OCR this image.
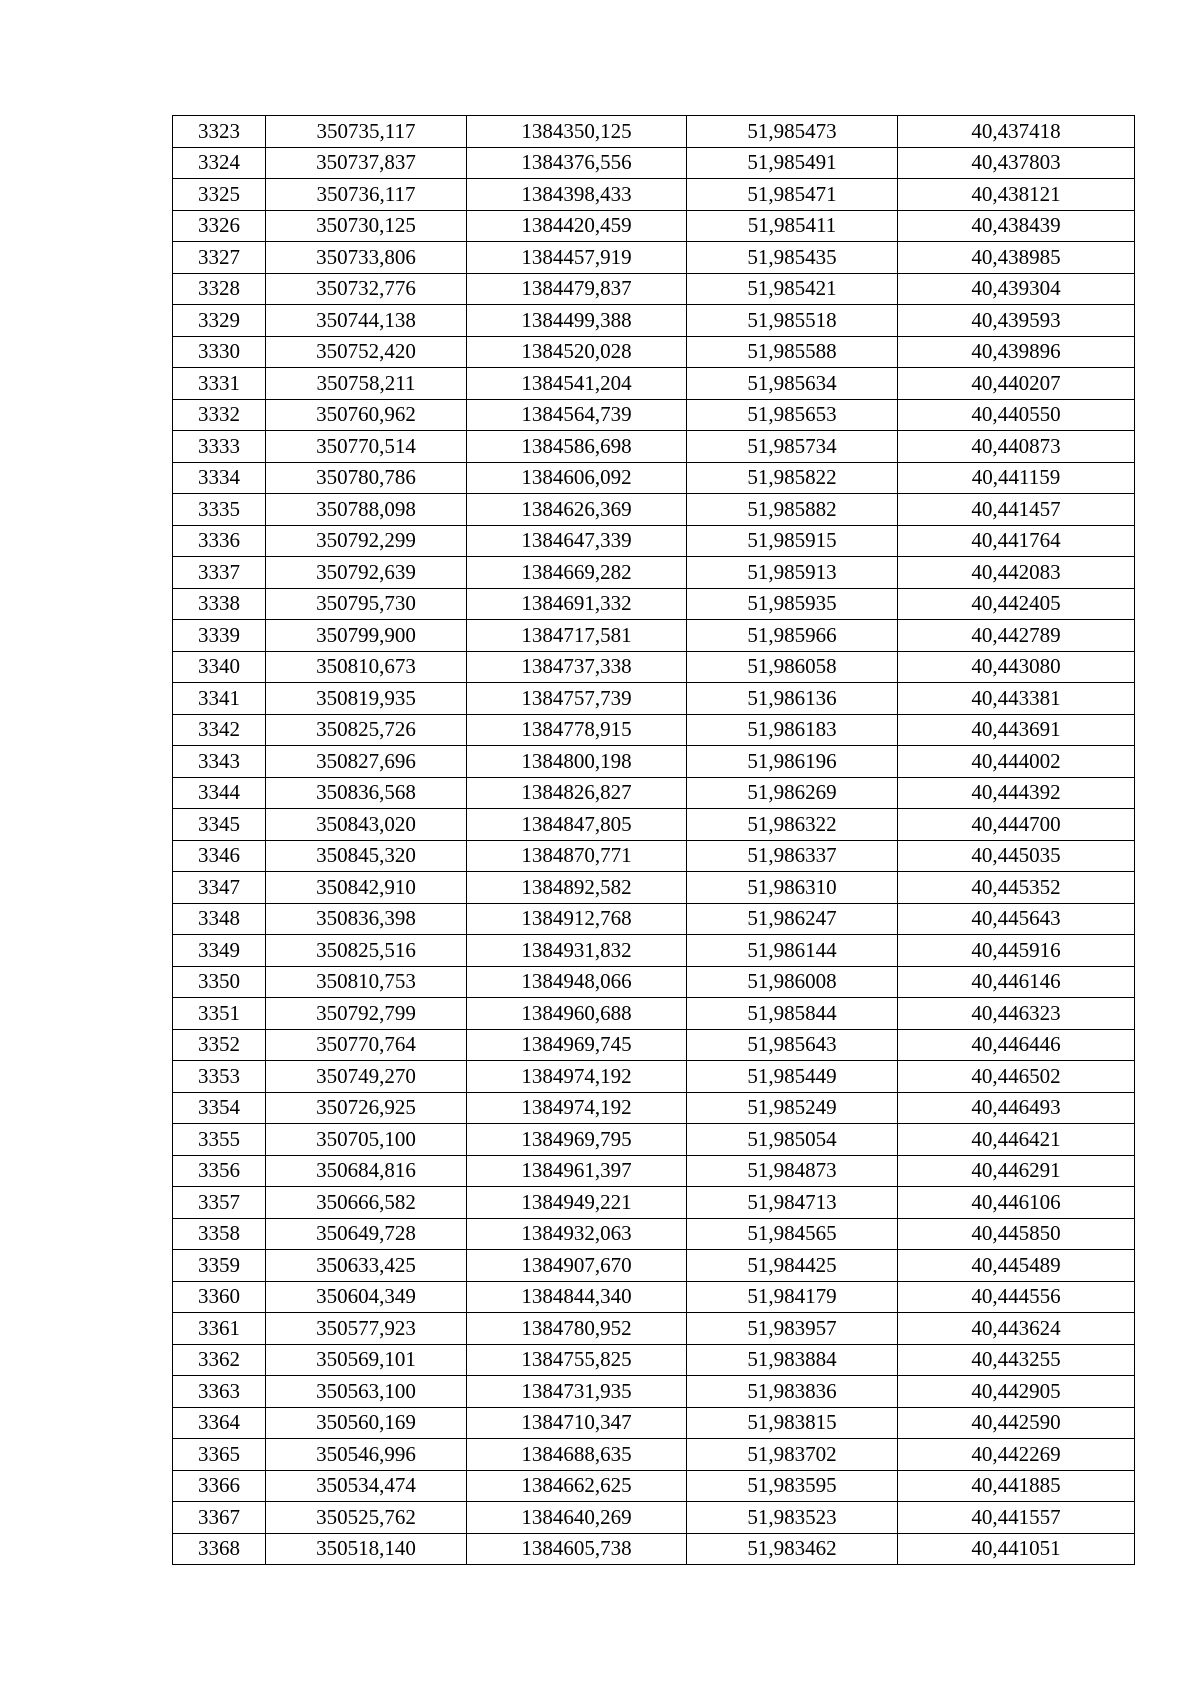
3323	350735,117	1384350,125	51,985473	40,437418
3324	350737,837	1384376,556	51,985491	40,437803
3325	350736,117	1384398,433	51,985471	40,438121
3326	350730,125	1384420,459	51,985411	40,438439
3327	350733,806	1384457,919	51,985435	40,438985
3328	350732,776	1384479,837	51,985421	40,439304
3329	350744,138	1384499,388	51,985518	40,439593
3330	350752,420	1384520,028	51,985588	40,439896
3331	350758,211	1384541,204	51,985634	40,440207
3332	350760,962	1384564,739	51,985653	40,440550
3333	350770,514	1384586,698	51,985734	40,440873
3334	350780,786	1384606,092	51,985822	40,441159
3335	350788,098	1384626,369	51,985882	40,441457
3336	350792,299	1384647,339	51,985915	40,441764
3337	350792,639	1384669,282	51,985913	40,442083
3338	350795,730	1384691,332	51,985935	40,442405
3339	350799,900	1384717,581	51,985966	40,442789
3340	350810,673	1384737,338	51,986058	40,443080
3341	350819,935	1384757,739	51,986136	40,443381
3342	350825,726	1384778,915	51,986183	40,443691
3343	350827,696	1384800,198	51,986196	40,444002
3344	350836,568	1384826,827	51,986269	40,444392
3345	350843,020	1384847,805	51,986322	40,444700
3346	350845,320	1384870,771	51,986337	40,445035
3347	350842,910	1384892,582	51,986310	40,445352
3348	350836,398	1384912,768	51,986247	40,445643
3349	350825,516	1384931,832	51,986144	40,445916
3350	350810,753	1384948,066	51,986008	40,446146
3351	350792,799	1384960,688	51,985844	40,446323
3352	350770,764	1384969,745	51,985643	40,446446
3353	350749,270	1384974,192	51,985449	40,446502
3354	350726,925	1384974,192	51,985249	40,446493
3355	350705,100	1384969,795	51,985054	40,446421
3356	350684,816	1384961,397	51,984873	40,446291
3357	350666,582	1384949,221	51,984713	40,446106
3358	350649,728	1384932,063	51,984565	40,445850
3359	350633,425	1384907,670	51,984425	40,445489
3360	350604,349	1384844,340	51,984179	40,444556
3361	350577,923	1384780,952	51,983957	40,443624
3362	350569,101	1384755,825	51,983884	40,443255
3363	350563,100	1384731,935	51,983836	40,442905
3364	350560,169	1384710,347	51,983815	40,442590
3365	350546,996	1384688,635	51,983702	40,442269
3366	350534,474	1384662,625	51,983595	40,441885
3367	350525,762	1384640,269	51,983523	40,441557
3368	350518,140	1384605,738	51,983462	40,441051
